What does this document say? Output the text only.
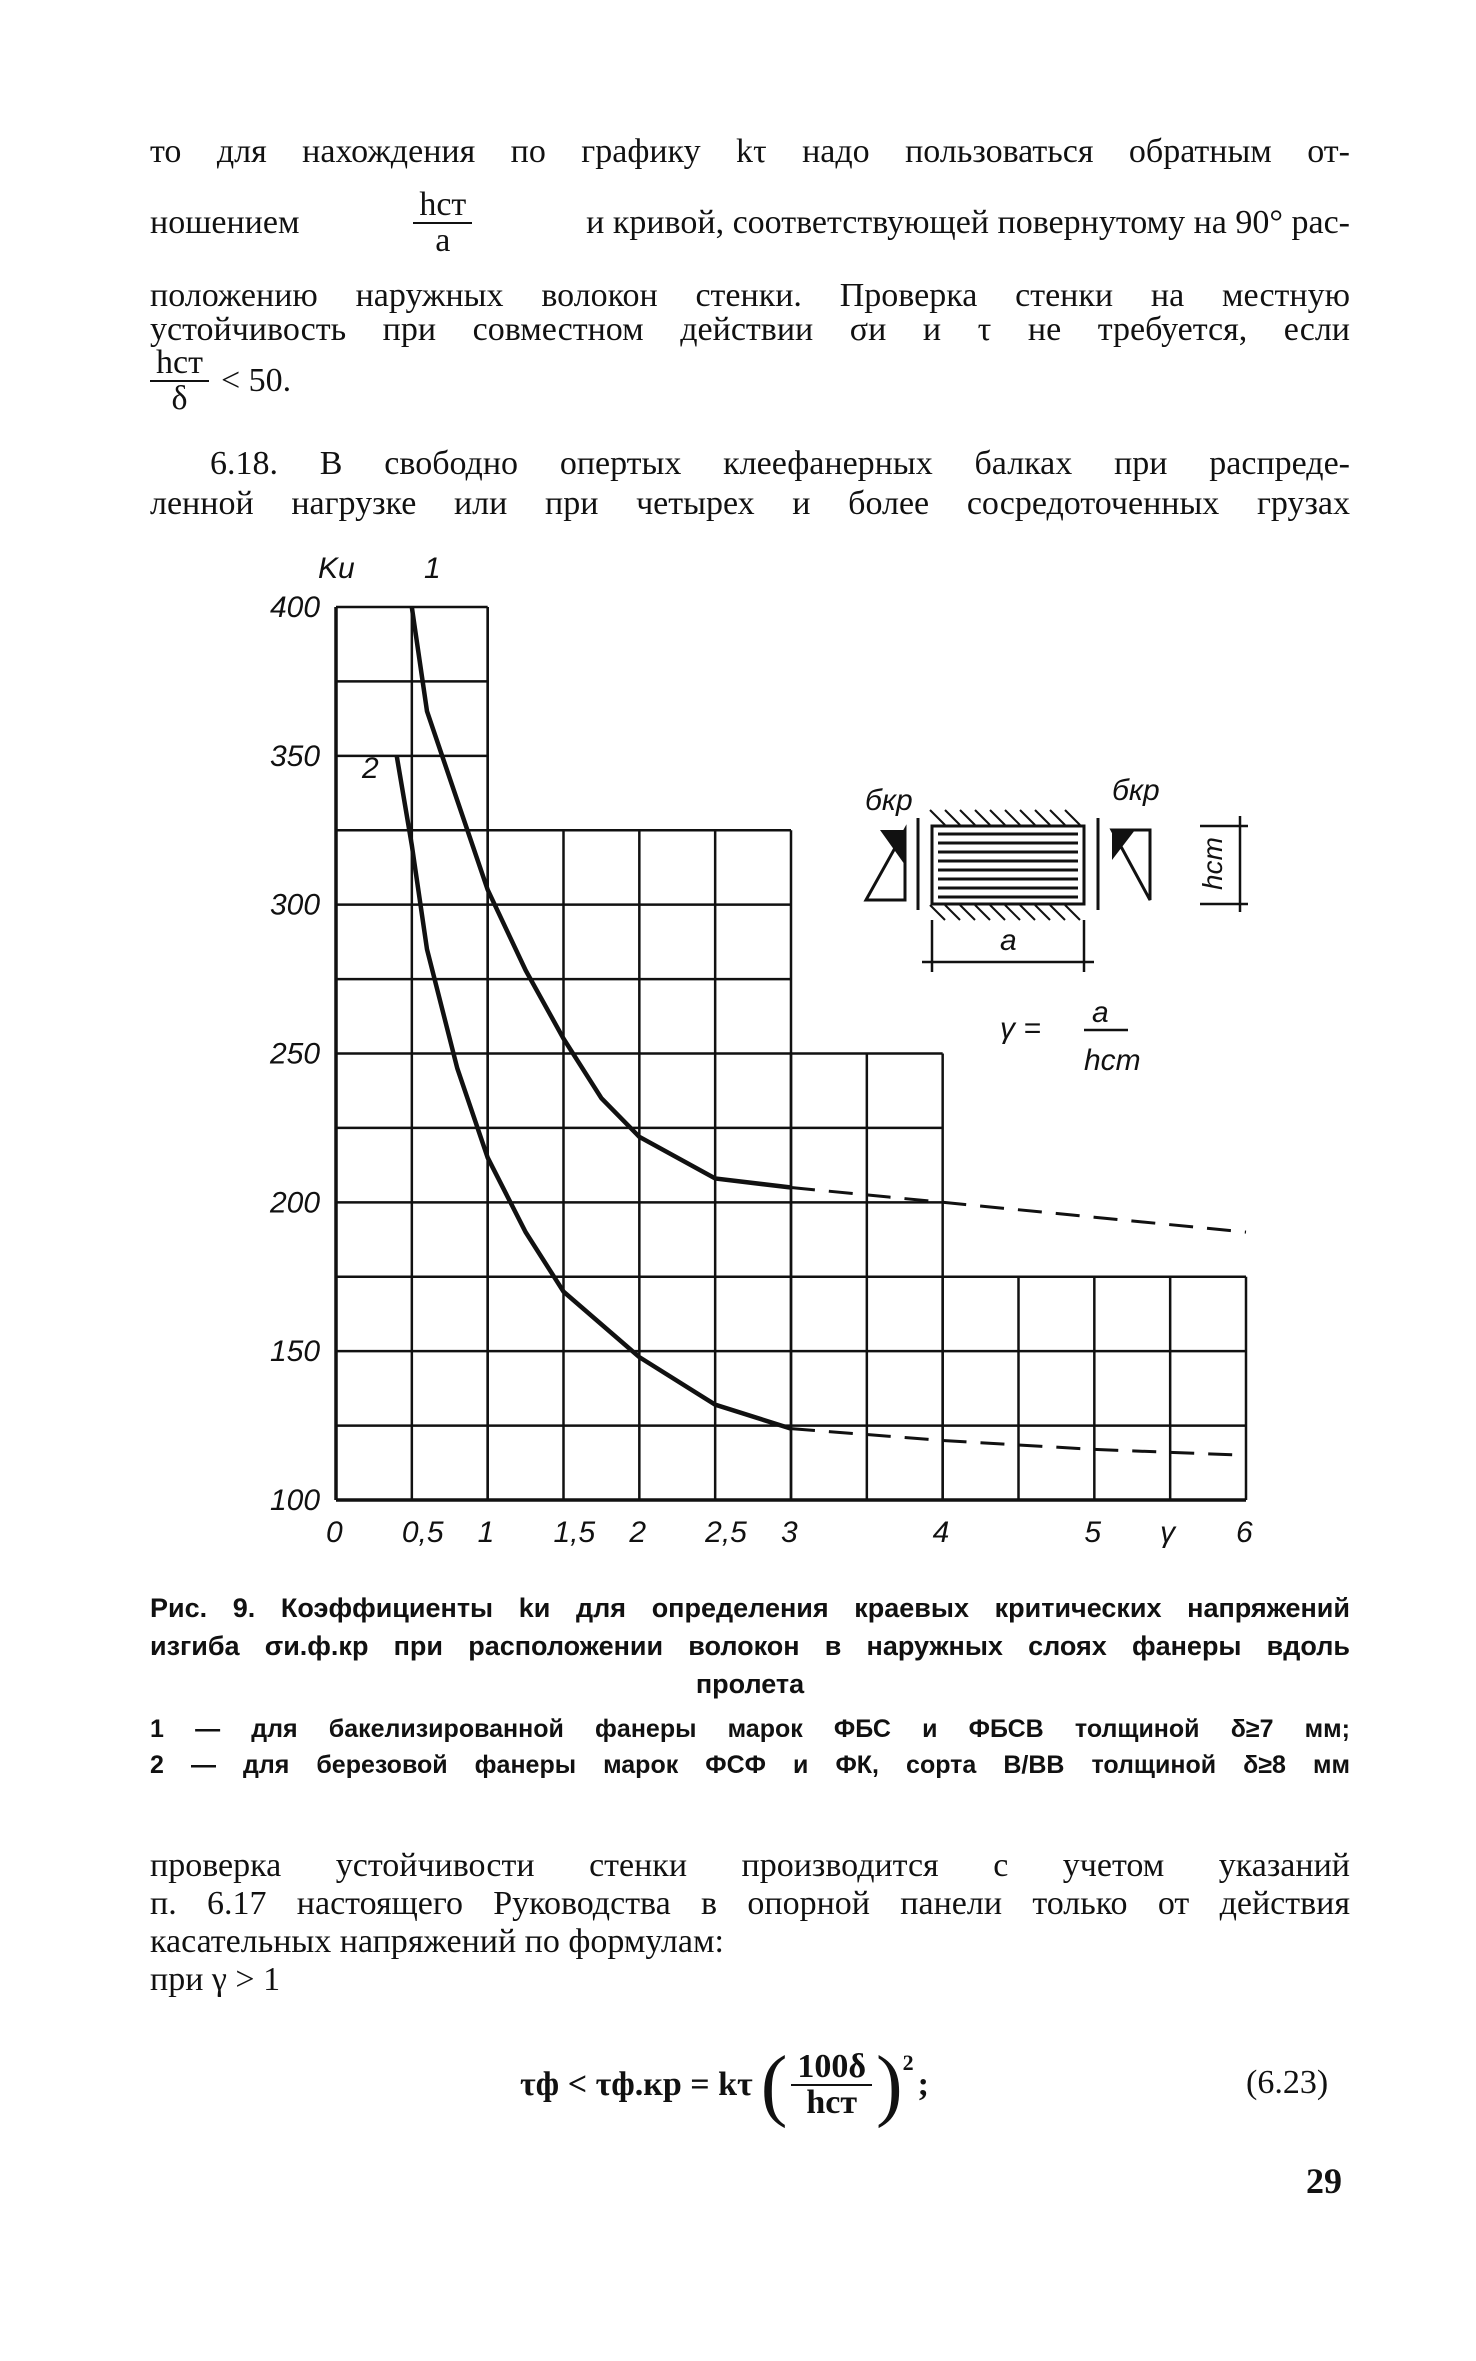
то для нахождения по графику kτ надо пользоваться обратным от-
ношением	$\frac{\text{hст}}{a}$	и кривой, соответствующей повернутому на 90° рас-
положению наружных волокон стенки. Проверка стенки на местную
устойчивость при совместном действии σи и τ не требуется, если
$\frac{\text{hст}}{\delta} < 50$.
6.18. В свободно опертых клеефанерных балках при распреде-
ленной нагрузке или при четырех и более сосредоточенных грузах
400
350
300
250
200
150
100
0 0,5 1 1,5 2 2,5 3	4	5 γ 6
Kи 1
2
бкр	бкр
hст
a
γ = a
hст
Рис. 9. Коэффициенты kи для определения краевых критических напряжений
изгиба σи.ф.кр при расположении волокон в наружных слоях фанеры вдоль
пролета
1 — для бакелизированной фанеры марок ФБС и ФБСВ толщиной δ≥7 мм;
2 — для березовой фанеры марок ФСФ и ФК, сорта В/ВВ толщиной δ≥8 мм
проверка устойчивости стенки производится с учетом указаний
п. 6.17 настоящего Руководства в опорной панели только от действия
касательных напряжений по формулам:
при γ > 1
τф < τф.кр = kτ ( $\frac{100\delta}{\text{hст}}$ ) 2
;	(6.23)
29
